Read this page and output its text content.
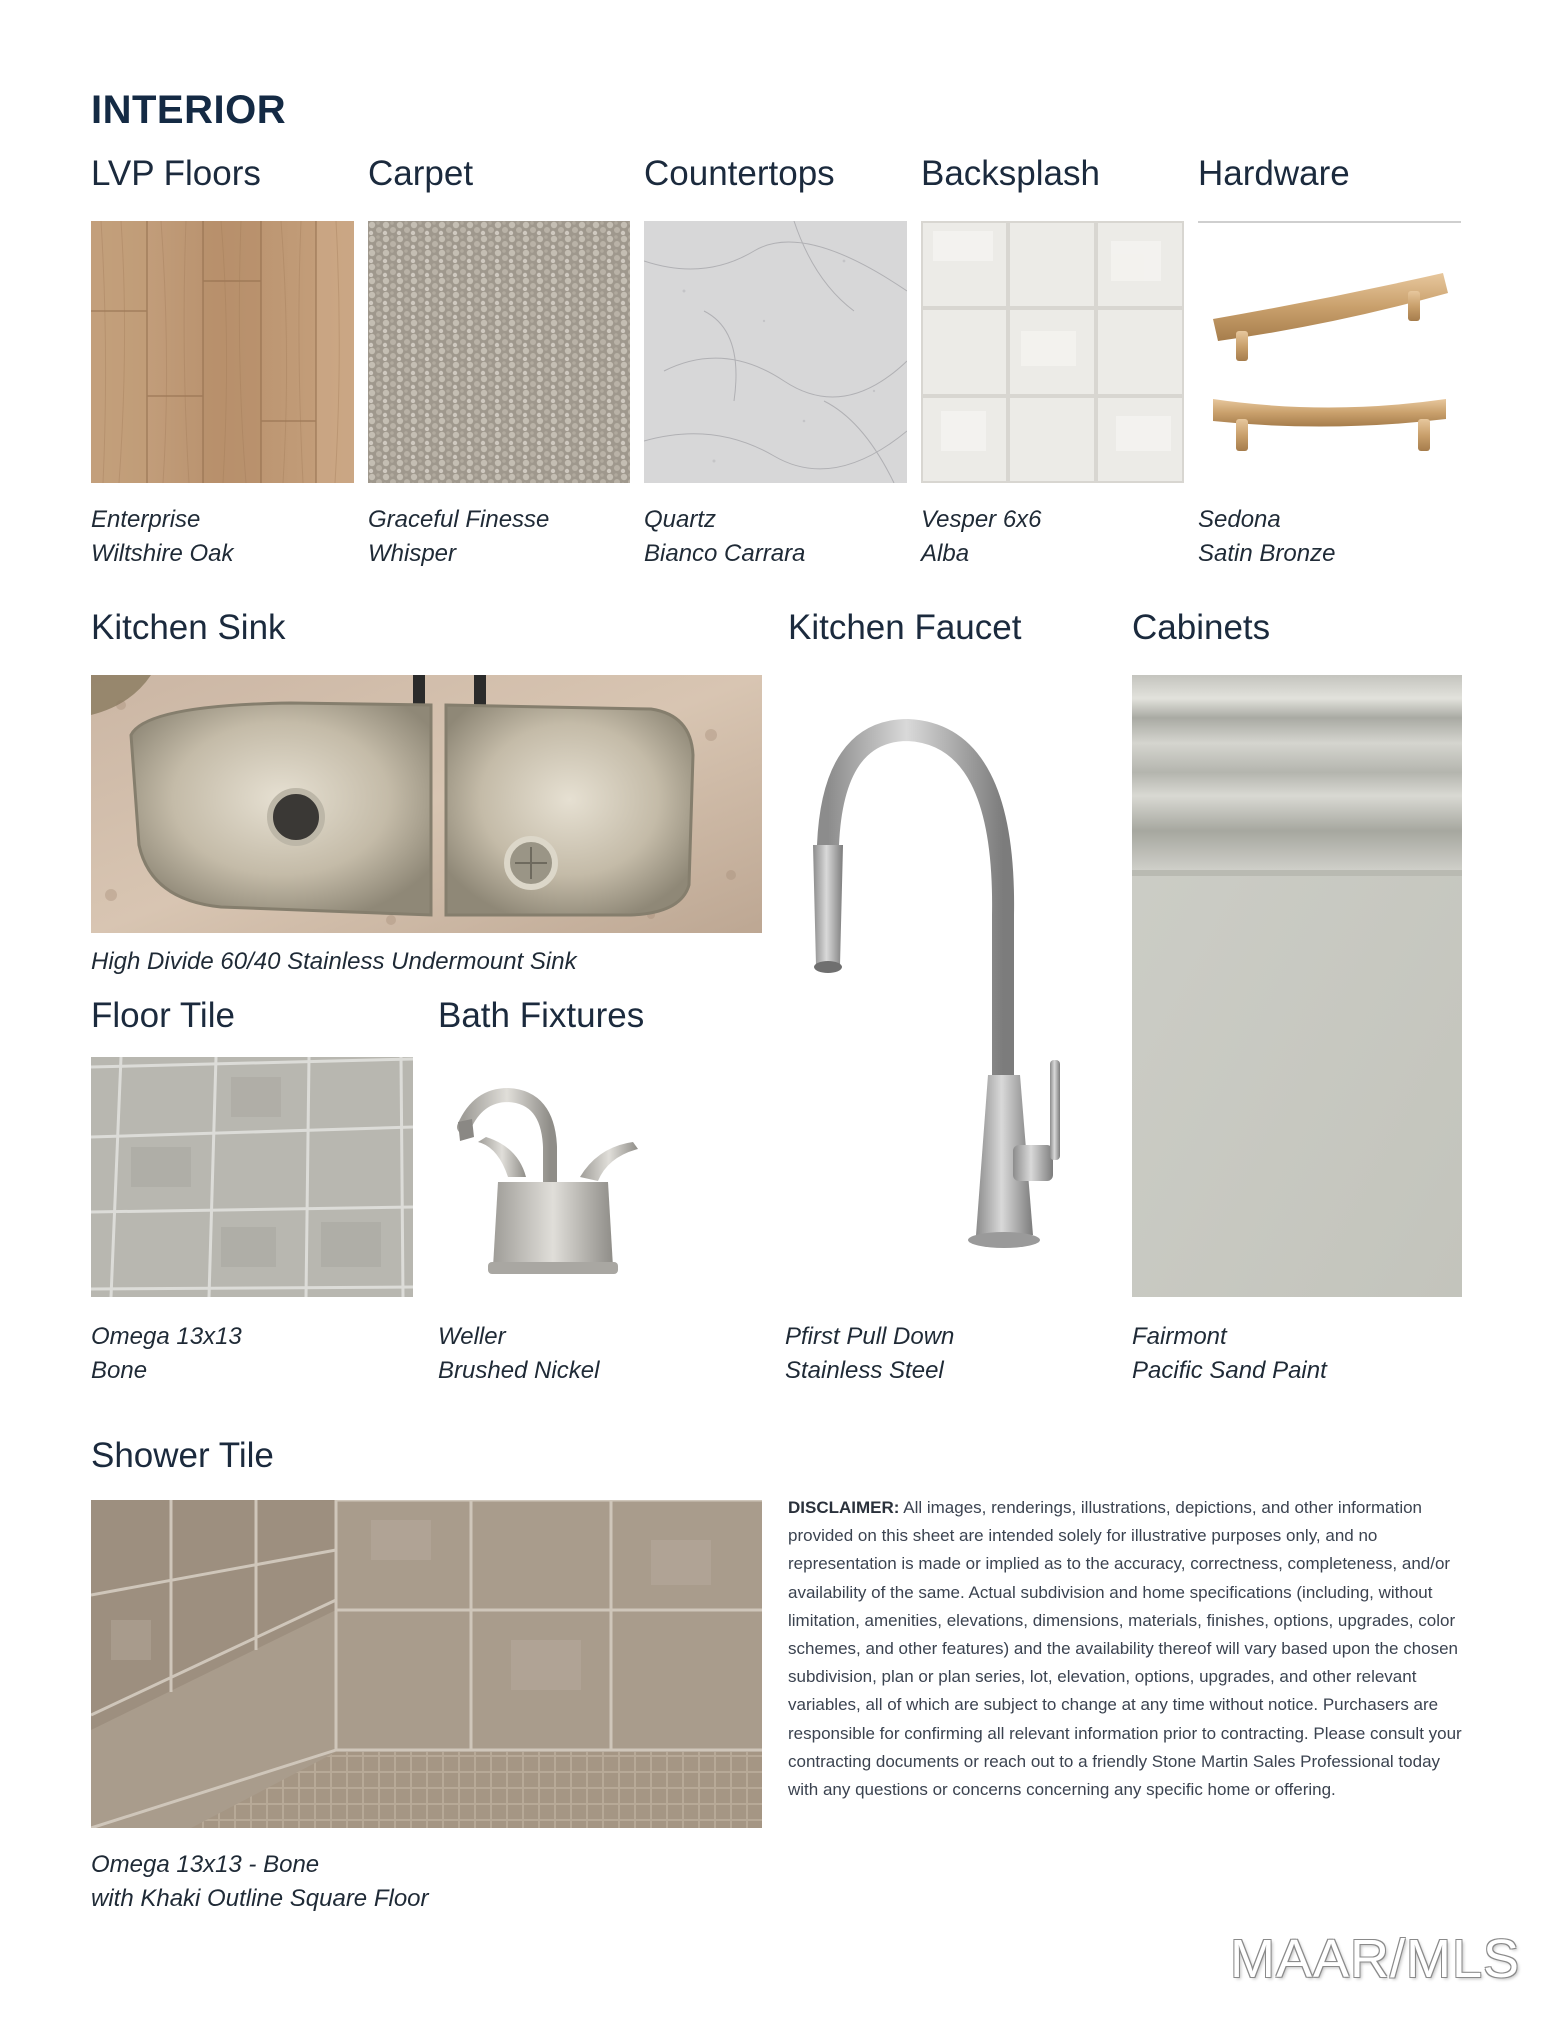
INTERIOR
LVP Floors	Carpet	Countertops Backsplash	Hardware
Enterprise
Wiltshire Oak
Graceful Finesse
Whisper
Quartz
Bianco Carrara
Vesper 6x6
Alba
Sedona
Satin Bronze
Kitchen Sink	Kitchen Faucet	Cabinets
High Divide 60/40 Stainless Undermount Sink
Floor Tile	Bath Fixtures
Omega 13x13
Bone
Weller
Brushed Nickel
Pfirst Pull Down
Stainless Steel
Fairmont
Pacific Sand Paint
Shower Tile
Omega 13x13 - Bone
with Khaki Outline Square Floor
DISCLAIMER: All images, renderings, illustrations, depictions, and other information provided on this sheet are intended solely for illustrative purposes only, and no representation is made or implied as to the accuracy, correctness, completeness, and/or availability of the same. Actual subdivision and home specifications (including, without limitation, amenities, elevations, dimensions, materials, finishes, options, upgrades, color schemes, and other features) and the availability thereof will vary based upon the chosen subdivision, plan or plan series, lot, elevation, options, upgrades, and other relevant variables, all of which are subject to change at any time without notice. Purchasers are responsible for confirming all relevant information prior to contracting. Please consult your contracting documents or reach out to a friendly Stone Martin Sales Professional today with any questions or concerns concerning any specific home or offering.
MAAR/MLS
